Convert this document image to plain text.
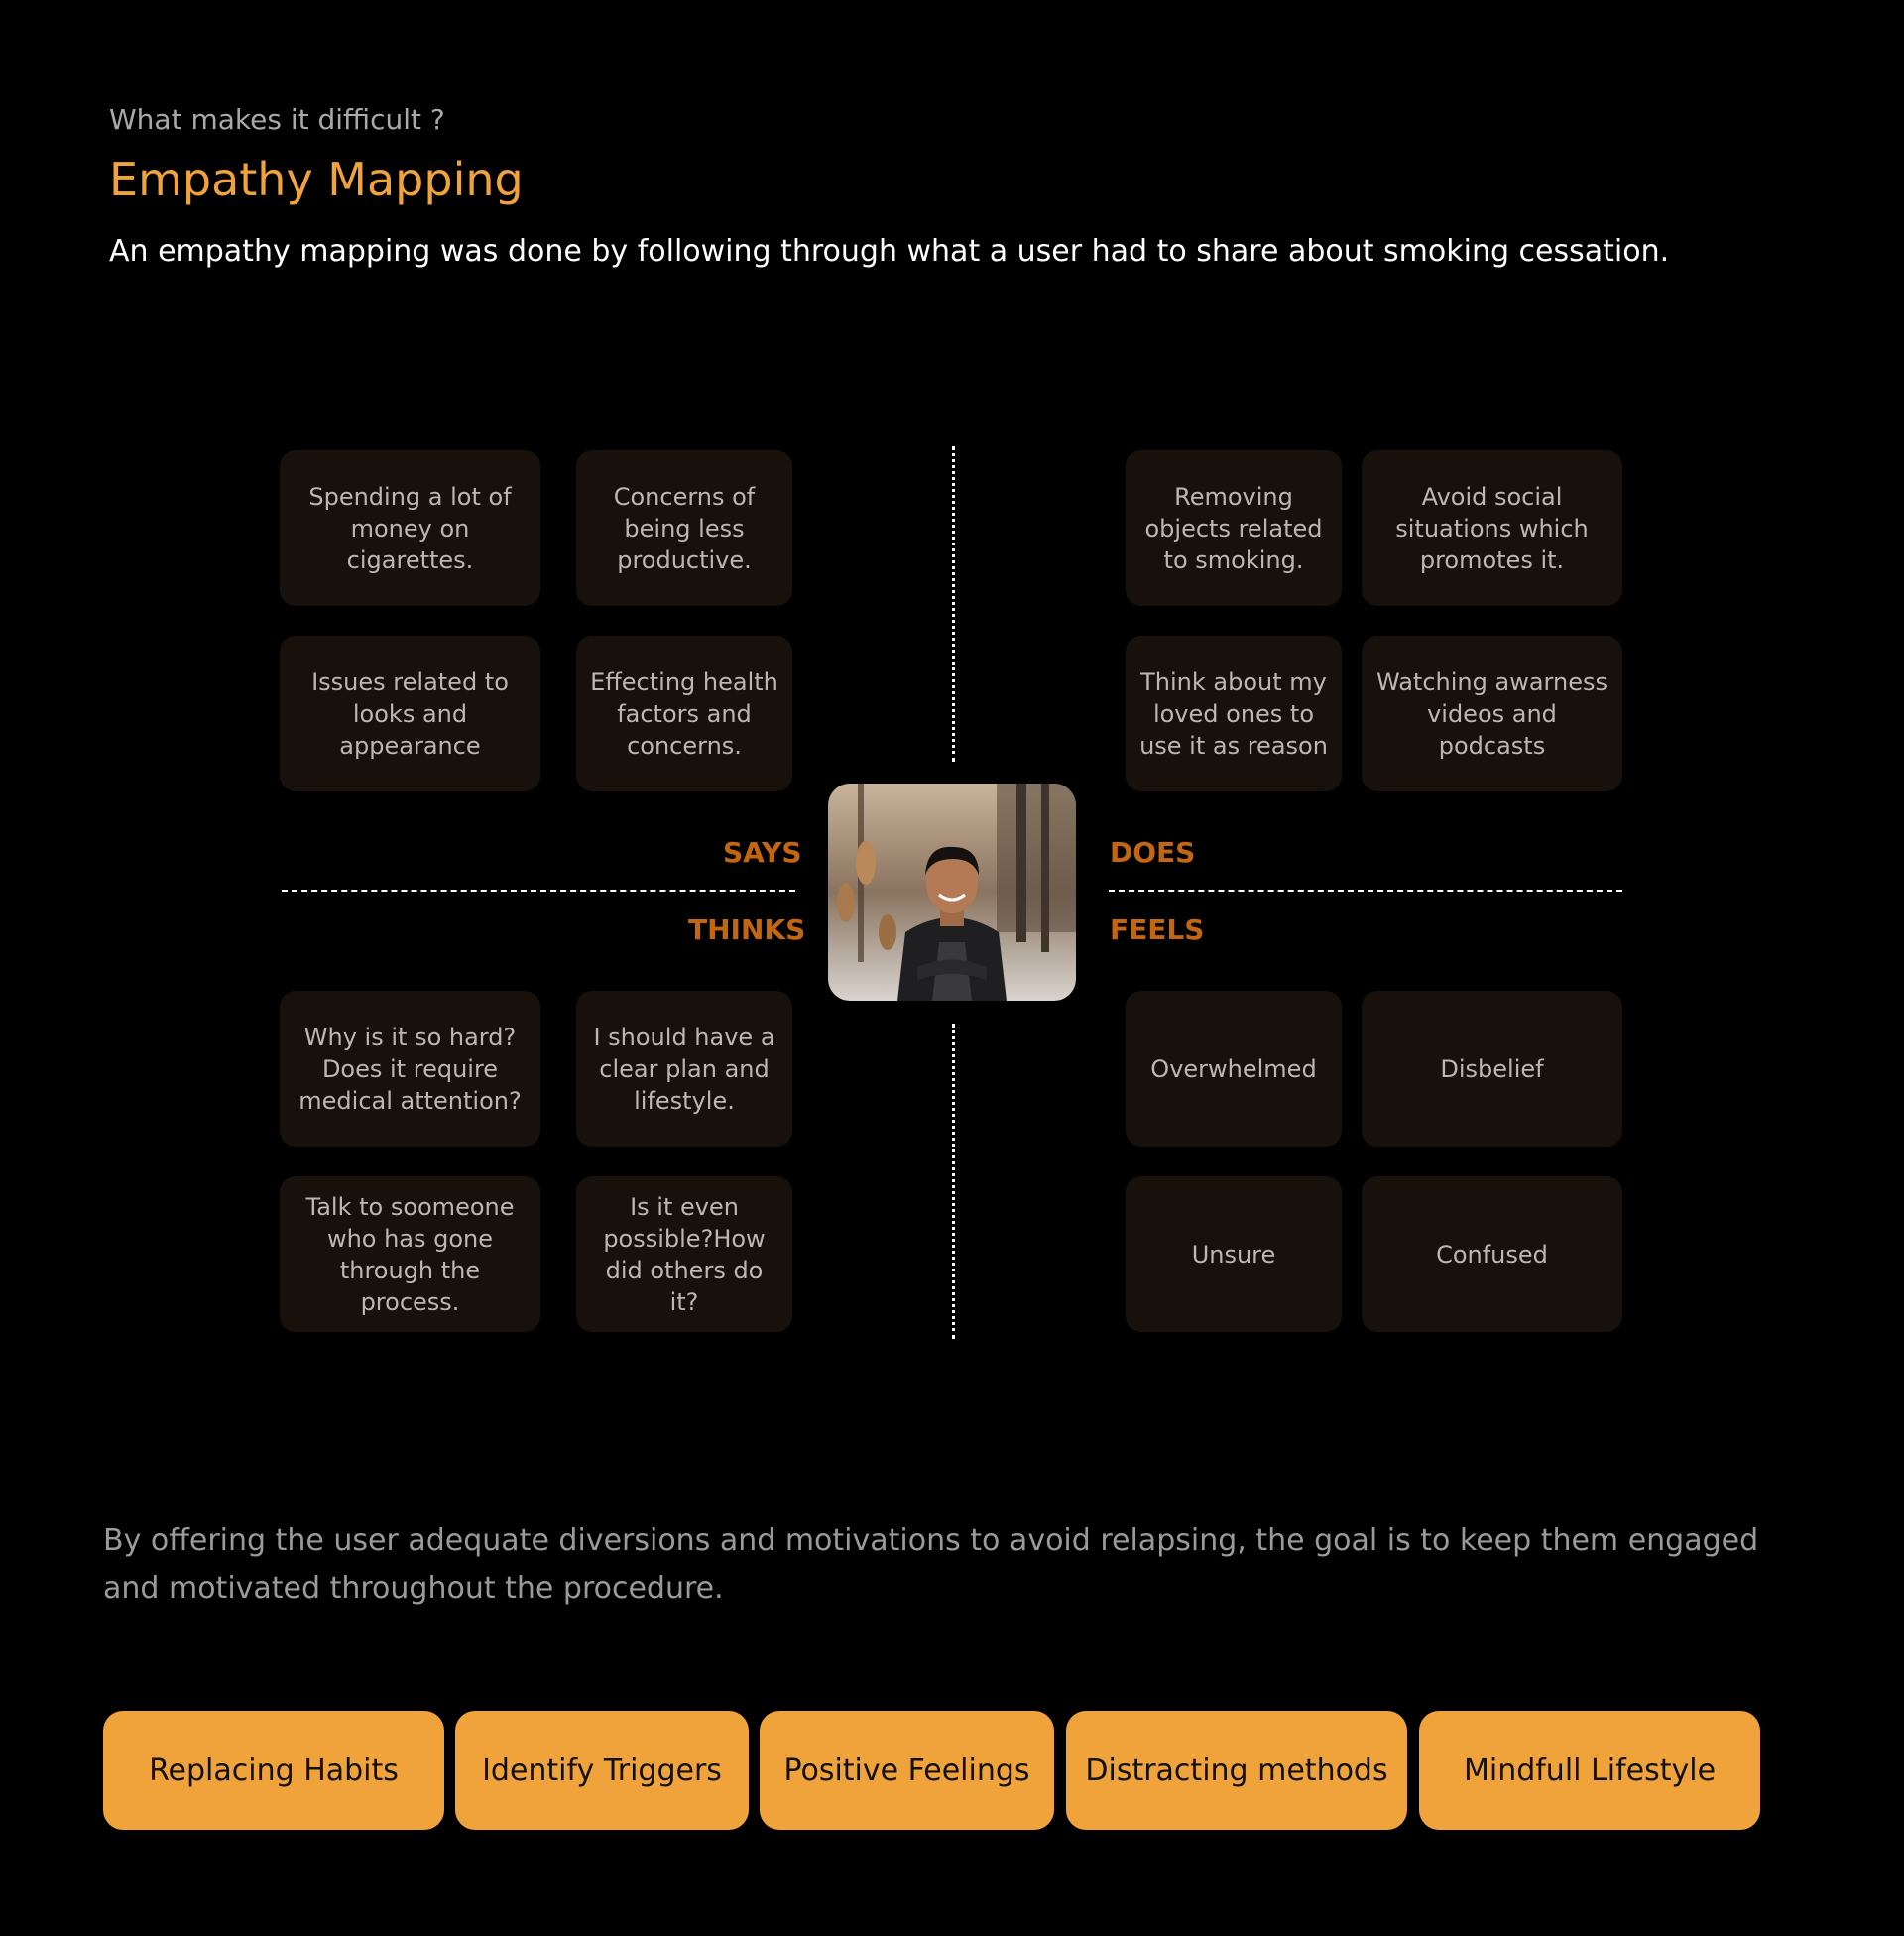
What makes it difficult ?
Empathy Mapping
An empathy mapping was done by following through what a user had to share about smoking cessation.
Spending a lot of money on cigarettes.
Concerns of being less productive.
Issues related to looks and appearance
Effecting health factors and concerns.
Removing objects related to smoking.
Avoid social situations which promotes it.
Think about my loved ones to use it as reason
Watching awarness videos and podcasts
SAYS	DOES
THINKS	FEELS
Why is it so hard? Does it require medical attention?
I should have a clear plan and lifestyle.
Talk to soomeone who has gone through the process.
Is it even possible?How did others do it?
Overwhelmed	Disbelief
Unsure	Confused
By offering the user adequate diversions and motivations to avoid relapsing, the goal is to keep them engaged and motivated throughout the procedure.
Replacing Habits	Identify Triggers	Positive Feelings	Distracting methods	Mindfull Lifestyle
